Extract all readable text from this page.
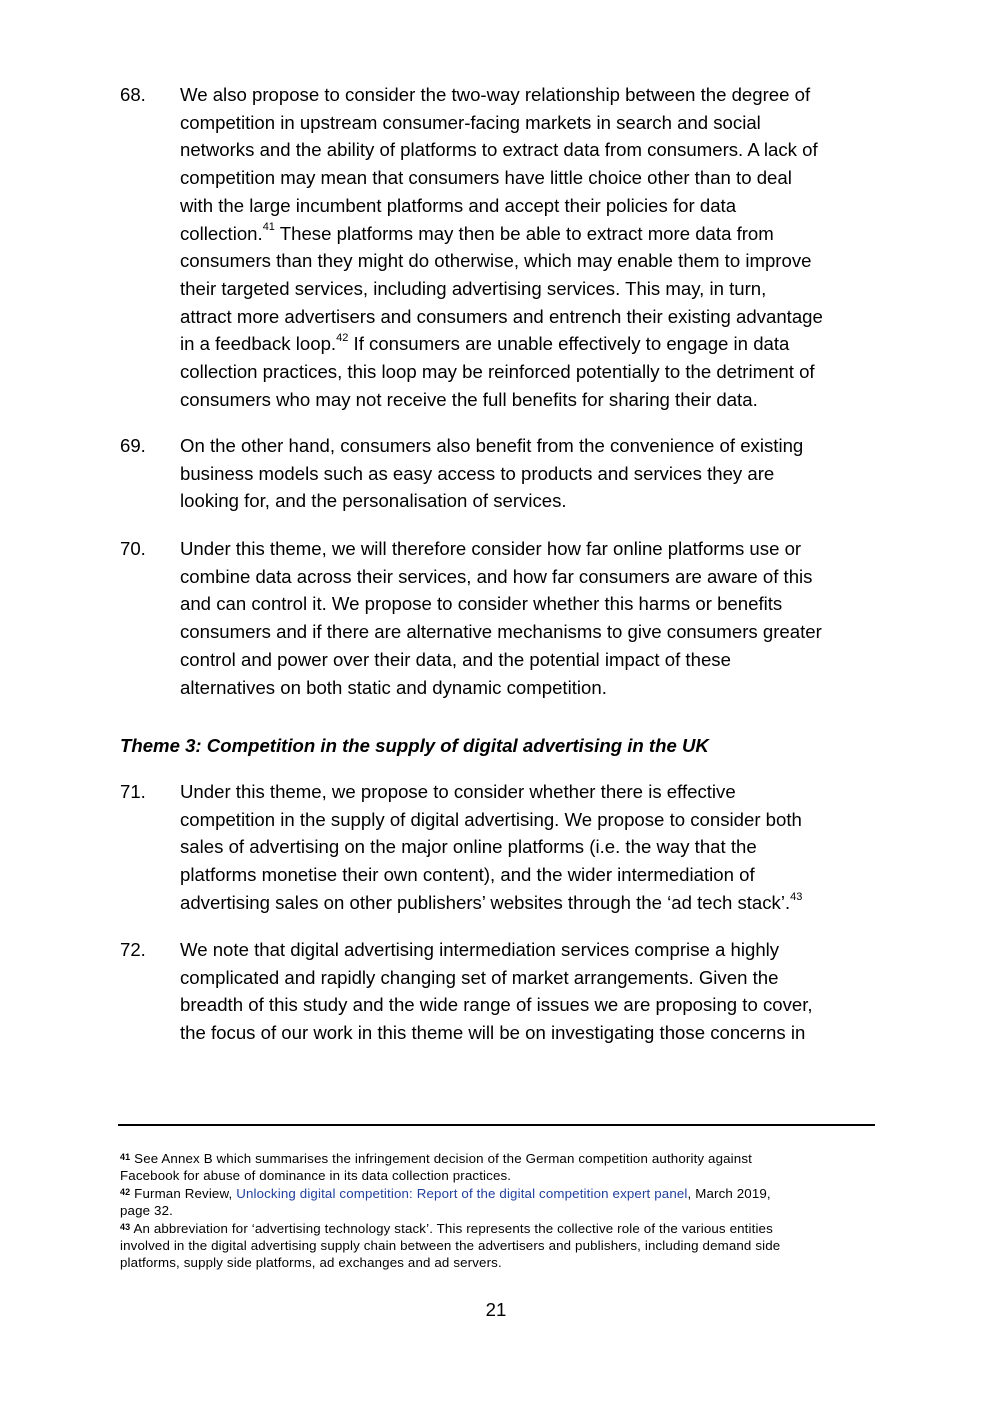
68.	We also propose to consider the two-way relationship between the degree of
competition in upstream consumer-facing markets in search and social
networks and the ability of platforms to extract data from consumers. A lack of
competition may mean that consumers have little choice other than to deal
with the large incumbent platforms and accept their policies for data
collection.$^{41}$ These platforms may then be able to extract more data from
consumers than they might do otherwise, which may enable them to improve
their targeted services, including advertising services. This may, in turn,
attract more advertisers and consumers and entrench their existing advantage
in a feedback loop.$^{42}$ If consumers are unable effectively to engage in data
collection practices, this loop may be reinforced potentially to the detriment of
consumers who may not receive the full benefits for sharing their data.
69.	On the other hand, consumers also benefit from the convenience of existing
business models such as easy access to products and services they are
looking for, and the personalisation of services.
70.	Under this theme, we will therefore consider how far online platforms use or
combine data across their services, and how far consumers are aware of this
and can control it. We propose to consider whether this harms or benefits
consumers and if there are alternative mechanisms to give consumers greater
control and power over their data, and the potential impact of these
alternatives on both static and dynamic competition.
Theme 3: Competition in the supply of digital advertising in the UK
71.	Under this theme, we propose to consider whether there is effective
competition in the supply of digital advertising. We propose to consider both
sales of advertising on the major online platforms (i.e. the way that the
platforms monetise their own content), and the wider intermediation of
advertising sales on other publishers’ websites through the ‘ad tech stack’.$^{43}$
72.	We note that digital advertising intermediation services comprise a highly
complicated and rapidly changing set of market arrangements. Given the
breadth of this study and the wide range of issues we are proposing to cover,
the focus of our work in this theme will be on investigating those concerns in
$^{41}$ See Annex B which summarises the infringement decision of the German competition authority against
Facebook for abuse of dominance in its data collection practices.
$^{42}$ Furman Review, Unlocking digital competition: Report of the digital competition expert panel, March 2019,
page 32.
$^{43}$ An abbreviation for ‘advertising technology stack’. This represents the collective role of the various entities
involved in the digital advertising supply chain between the advertisers and publishers, including demand side
platforms, supply side platforms, ad exchanges and ad servers.
21
